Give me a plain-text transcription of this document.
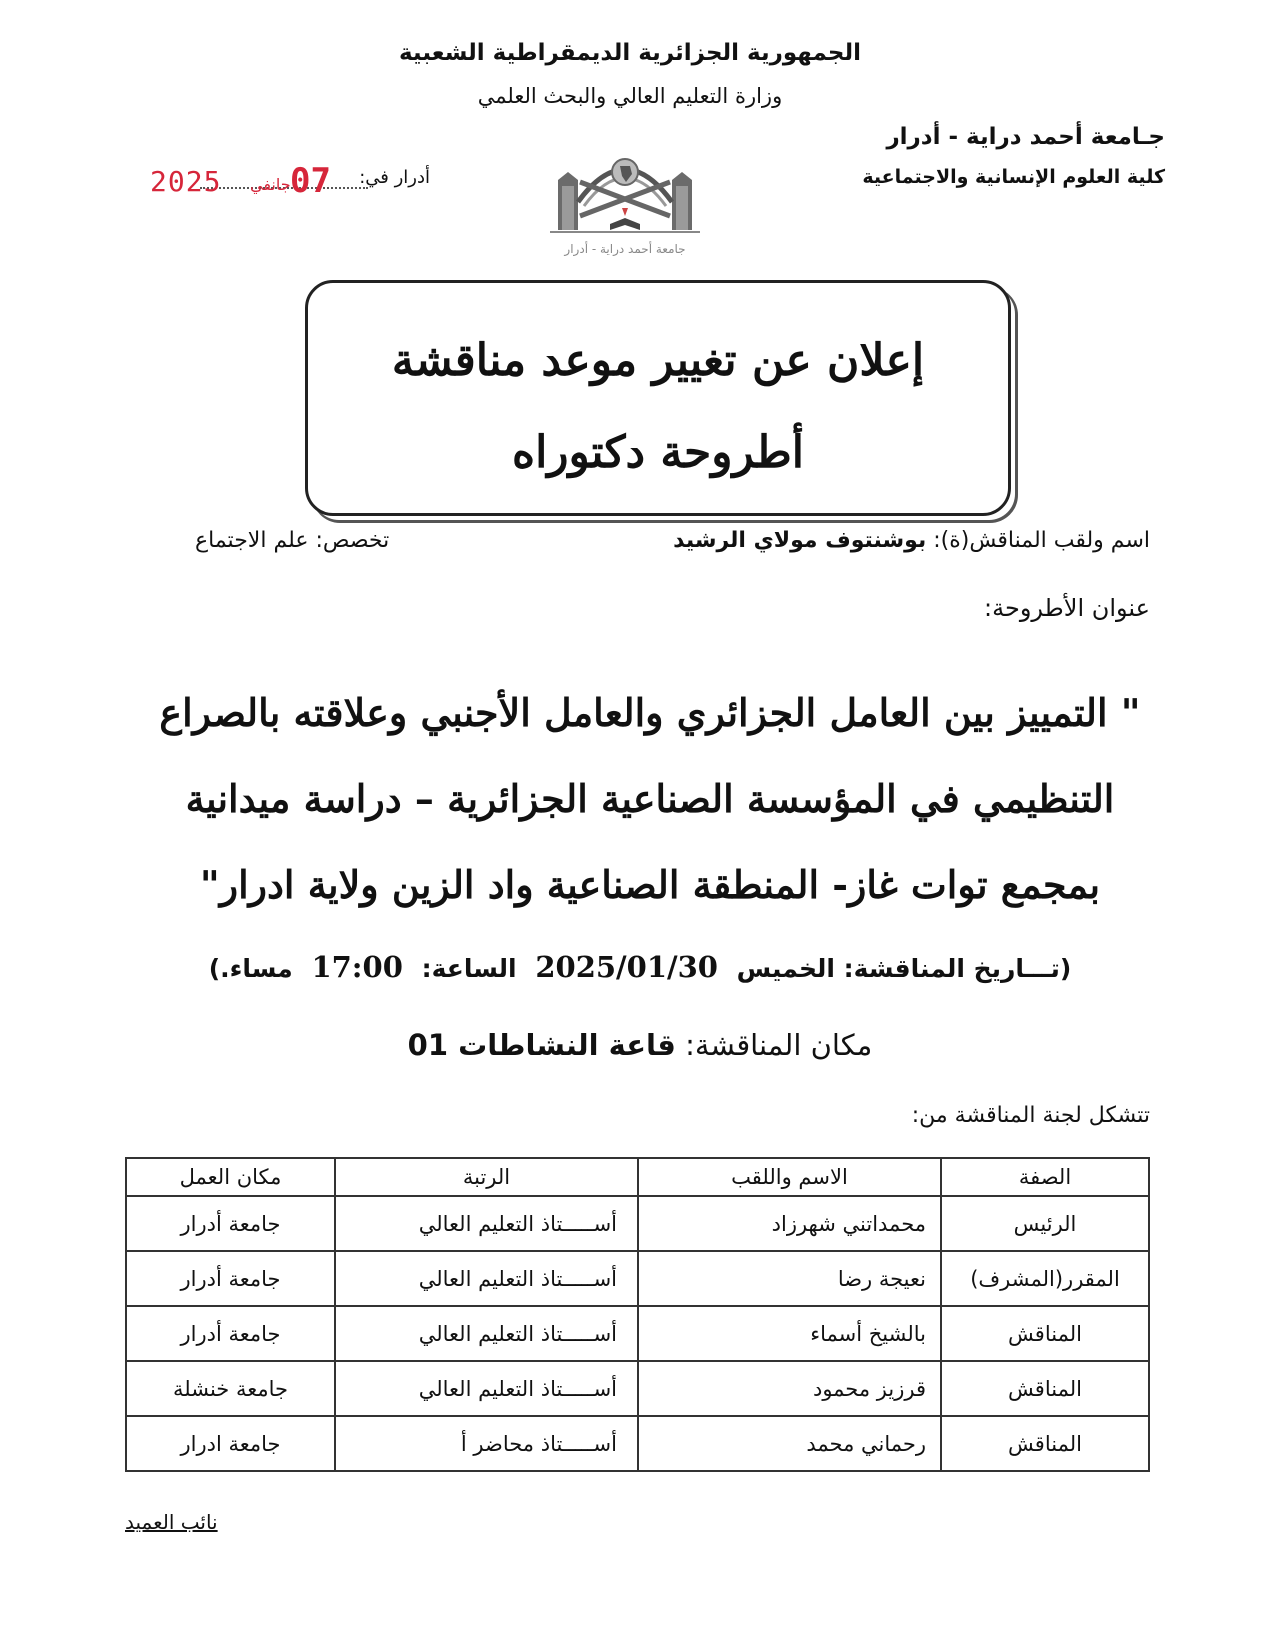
الجمهورية الجزائرية الديمقراطية الشعبية
وزارة التعليم العالي والبحث العلمي
جـامعة أحمد دراية - أدرار
كلية العلوم الإنسانية والاجتماعية
أدرار في:
2025 جانفي 07
جامعة أحمد دراية - أدرار
إعلان عن تغيير موعد مناقشة أطروحة دكتوراه
اسم ولقب المناقش(ة): بوشنتوف مولاي الرشيد
تخصص: علم الاجتماع
عنوان الأطروحة:
" التمييز بين العامل الجزائري والعامل الأجنبي وعلاقته بالصراع التنظيمي في المؤسسة الصناعية الجزائرية – دراسة ميدانية بمجمع توات غاز- المنطقة الصناعية واد الزين ولاية ادرار"
(تـــاريخ المناقشة: الخميس 2025/01/30 الساعة: 17:00 مساء.)
مكان المناقشة: قاعة النشاطات 01
تتشكل لجنة المناقشة من:
الصفة	الاسم واللقب	الرتبة	مكان العمل
الرئيس	محمداتني شهرزاد	أســـــتاذ التعليم العالي	جامعة أدرار
المقرر(المشرف)	نعيجة رضا	أســـــتاذ التعليم العالي	جامعة أدرار
المناقش	بالشيخ أسماء	أســـــتاذ التعليم العالي	جامعة أدرار
المناقش	قرزيز محمود	أســـــتاذ التعليم العالي	جامعة خنشلة
المناقش	رحماني محمد	أســـــتاذ محاضر أ	جامعة ادرار
نائب العميد
